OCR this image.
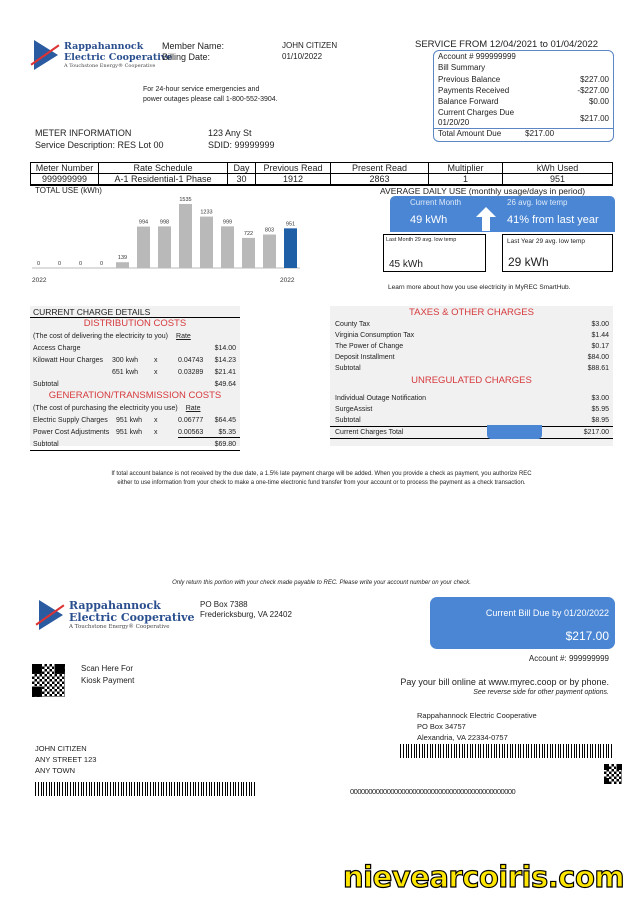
Rappahannock
Electric Cooperative
A Touchstone Energy® Cooperative
Member Name:
Billing Date:
JOHN CITIZEN
01/10/2022
For 24-hour service emergencies and
power outages please call 1-800-552-3904.
SERVICE FROM 12/04/2021 to 01/04/2022
Account # 999999999
Bill Summary
Previous Balance	$227.00
Payments Received	-$227.00
Balance Forward	$0.00
Current Charges Due
01/20/20	$217.00
Total Amount Due	$217.00
METER INFORMATION
Service Description: RES Lot 00
123 Any St
SDID: 99999999
Meter Number	Rate Schedule	Day	Previous Read	Present Read	Multiplier	kWh Used
999999999	A-1 Residential-1 Phase	30	1912	2863	1	951
TOTAL USE (kWh)
0	0	0	0
139
994 998
1535
1233
999
722
803
951
2022	2022
AVERAGE DAILY USE (monthly usage/days in period)
Current Month	26 avg. low temp
49 kWh	41% from last year
Last Month 29 avg. low temp
45 kWh
Last Year 29 avg. low temp
29 kWh
Learn more about how you use electricity in MyREC SmartHub.
CURRENT CHARGE DETAILS
DISTRIBUTION COSTS
(The cost of delivering the electricity to you) Rate
Access Charge	$14.00
Kilowatt Hour Charges	300 kwh	x	0.04743	$14.23
651 kwh	x	0.03289	$21.41
Subtotal	$49.64
GENERATION/TRANSMISSION COSTS
(The cost of purchasing the electricity you use) Rate
Electric Supply Charges	951 kwh	x	0.06777	$64.45
Power Cost Adjustments 951 kwh	x	0.00563	$5.35
Subtotal	$69.80
TAXES & OTHER CHARGES
County Tax	$3.00
Virginia Consumption Tax	$1.44
The Power of Change	$0.17
Deposit Installment	$84.00
Subtotal	$88.61
UNREGULATED CHARGES
Individual Outage Notification	$3.00
SurgeAssist	$5.95
Subtotal	$8.95
Current Charges Total	$217.00
If total account balance is not received by the due date, a 1.5% late payment charge will be added. When you provide a check as payment, you authorize REC
either to use information from your check to make a one-time electronic fund transfer from your account or to process the payment as a check transaction.
Only return this portion with your check made payable to REC. Please write your account number on your check.
Rappahannock
Electric Cooperative
A Touchstone Energy® Cooperative
PO Box 7388
Fredericksburg, VA 22402	Current Bill Due by 01/20/2022
$217.00
Account #: 999999999
Scan Here For
Kiosk Payment	Pay your bill online at www.myrec.coop or by phone.
See reverse side for other payment options.
Rappahannock Electric Cooperative
PO Box 34757
Alexandria, VA 22334-0757
000000000000000000000000000000000000000000000
JOHN CITIZEN
ANY STREET 123
ANY TOWN
nievearcoiris.com
